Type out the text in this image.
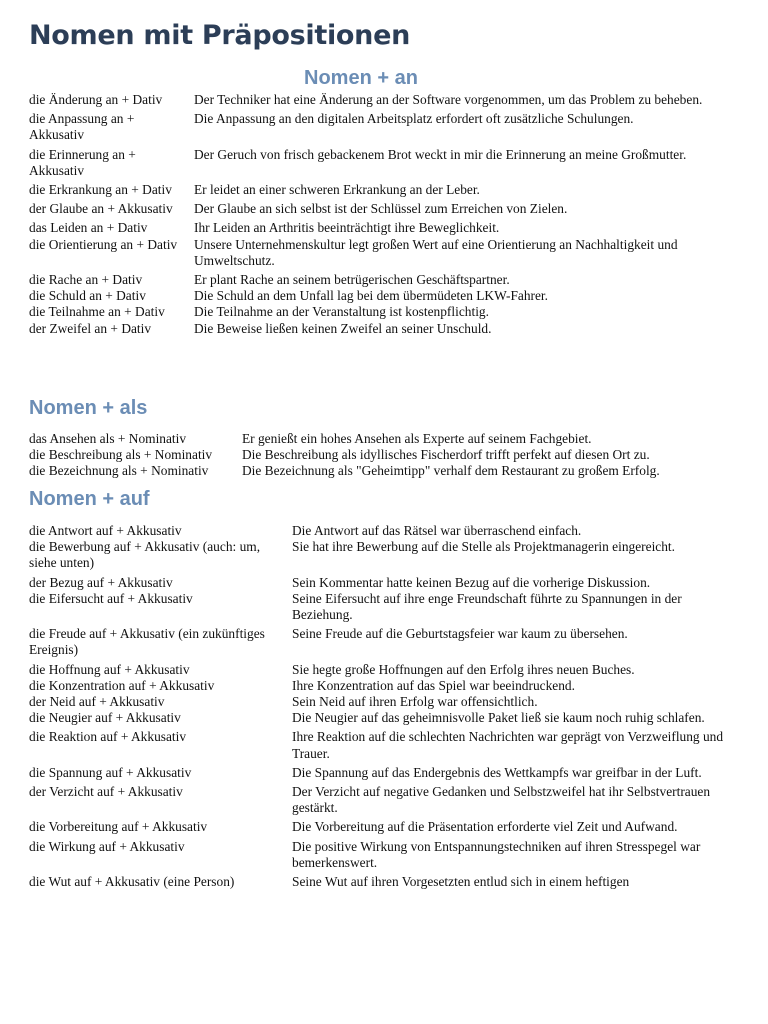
Nomen mit Präpositionen
Nomen + an
die Änderung an + Dativ	Der Techniker hat eine Änderung an der Software vorgenommen, um das Problem zu beheben.
die Anpassung an + Akkusativ	Die Anpassung an den digitalen Arbeitsplatz erfordert oft zusätzliche Schulungen.
die Erinnerung an + Akkusativ	Der Geruch von frisch gebackenem Brot weckt in mir die Erinnerung an meine Großmutter.
die Erkrankung an + Dativ	Er leidet an einer schweren Erkrankung an der Leber.
der Glaube an + Akkusativ	Der Glaube an sich selbst ist der Schlüssel zum Erreichen von Zielen.
das Leiden an + Dativ	Ihr Leiden an Arthritis beeinträchtigt ihre Beweglichkeit.
die Orientierung an + Dativ	Unsere Unternehmenskultur legt großen Wert auf eine Orientierung an Nachhaltigkeit und Umweltschutz.
die Rache an + Dativ	Er plant Rache an seinem betrügerischen Geschäftspartner.
die Schuld an + Dativ	Die Schuld an dem Unfall lag bei dem übermüdeten LKW-Fahrer.
die Teilnahme an + Dativ	Die Teilnahme an der Veranstaltung ist kostenpflichtig.
der Zweifel an + Dativ	Die Beweise ließen keinen Zweifel an seiner Unschuld.
Nomen + als
das Ansehen als + Nominativ	Er genießt ein hohes Ansehen als Experte auf seinem Fachgebiet.
die Beschreibung als + Nominativ	Die Beschreibung als idyllisches Fischerdorf trifft perfekt auf diesen Ort zu.
die Bezeichnung als + Nominativ	Die Bezeichnung als "Geheimtipp" verhalf dem Restaurant zu großem Erfolg.
Nomen + auf
die Antwort auf + Akkusativ	Die Antwort auf das Rätsel war überraschend einfach.
die Bewerbung auf + Akkusativ (auch: um, siehe unten)	Sie hat ihre Bewerbung auf die Stelle als Projektmanagerin eingereicht.
der Bezug auf + Akkusativ	Sein Kommentar hatte keinen Bezug auf die vorherige Diskussion.
die Eifersucht auf + Akkusativ	Seine Eifersucht auf ihre enge Freundschaft führte zu Spannungen in der Beziehung.
die Freude auf + Akkusativ (ein zukünftiges Ereignis)	Seine Freude auf die Geburtstagsfeier war kaum zu übersehen.
die Hoffnung auf + Akkusativ	Sie hegte große Hoffnungen auf den Erfolg ihres neuen Buches.
die Konzentration auf + Akkusativ	Ihre Konzentration auf das Spiel war beeindruckend.
der Neid auf + Akkusativ	Sein Neid auf ihren Erfolg war offensichtlich.
die Neugier auf + Akkusativ	Die Neugier auf das geheimnisvolle Paket ließ sie kaum noch ruhig schlafen.
die Reaktion auf + Akkusativ	Ihre Reaktion auf die schlechten Nachrichten war geprägt von Verzweiflung und Trauer.
die Spannung auf + Akkusativ	Die Spannung auf das Endergebnis des Wettkampfs war greifbar in der Luft.
der Verzicht auf + Akkusativ	Der Verzicht auf negative Gedanken und Selbstzweifel hat ihr Selbstvertrauen gestärkt.
die Vorbereitung auf + Akkusativ	Die Vorbereitung auf die Präsentation erforderte viel Zeit und Aufwand.
die Wirkung auf + Akkusativ	Die positive Wirkung von Entspannungstechniken auf ihren Stresspegel war bemerkenswert.
die Wut auf + Akkusativ (eine Person)	Seine Wut auf ihren Vorgesetzten entlud sich in einem heftigen
